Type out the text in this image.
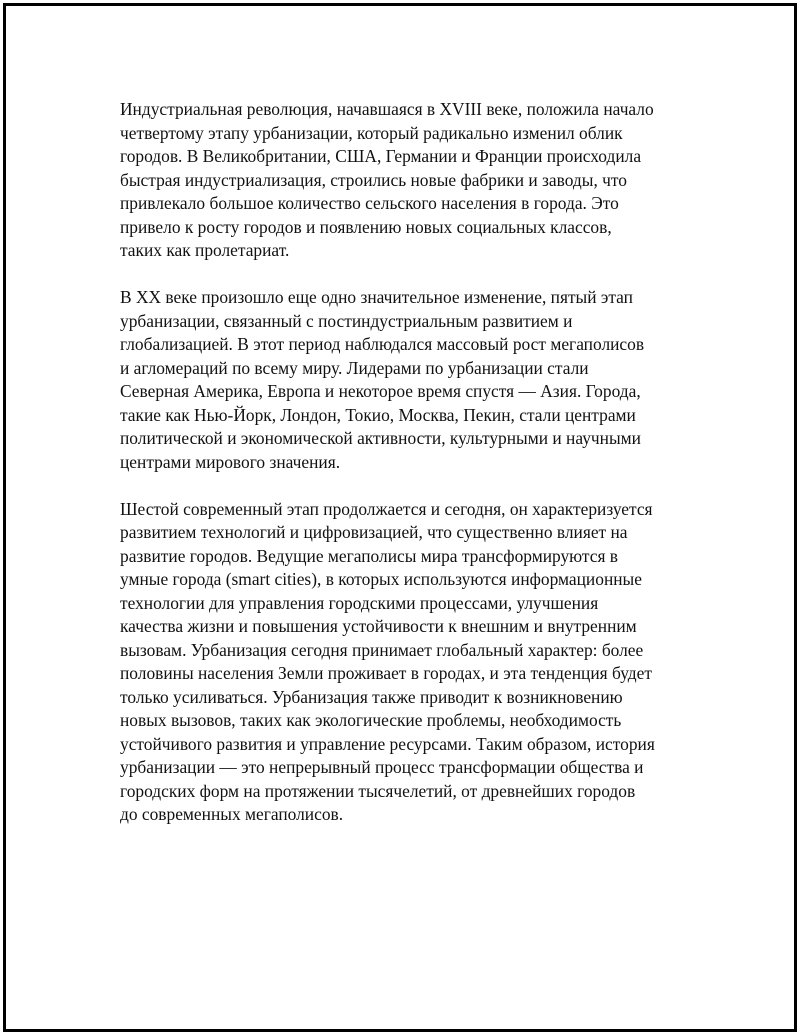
Индустриальная революция, начавшаяся в XVIII веке, положила начало
четвертому этапу урбанизации, который радикально изменил облик
городов. В Великобритании, США, Германии и Франции происходила
быстрая индустриализация, строились новые фабрики и заводы, что
привлекало большое количество сельского населения в города. Это
привело к росту городов и появлению новых социальных классов,
таких как пролетариат.

В XX веке произошло еще одно значительное изменение, пятый этап
урбанизации, связанный с постиндустриальным развитием и
глобализацией. В этот период наблюдался массовый рост мегаполисов
и агломераций по всему миру. Лидерами по урбанизации стали
Северная Америка, Европа и некоторое время спустя — Азия. Города,
такие как Нью-Йорк, Лондон, Токио, Москва, Пекин, стали центрами
политической и экономической активности, культурными и научными
центрами мирового значения.

Шестой современный этап продолжается и сегодня, он характеризуется
развитием технологий и цифровизацией, что существенно влияет на
развитие городов. Ведущие мегаполисы мира трансформируются в
умные города (smart cities), в которых используются информационные
технологии для управления городскими процессами, улучшения
качества жизни и повышения устойчивости к внешним и внутренним
вызовам. Урбанизация сегодня принимает глобальный характер: более
половины населения Земли проживает в городах, и эта тенденция будет
только усиливаться. Урбанизация также приводит к возникновению
новых вызовов, таких как экологические проблемы, необходимость
устойчивого развития и управление ресурсами. Таким образом, история
урбанизации — это непрерывный процесс трансформации общества и
городских форм на протяжении тысячелетий, от древнейших городов
до современных мегаполисов.
